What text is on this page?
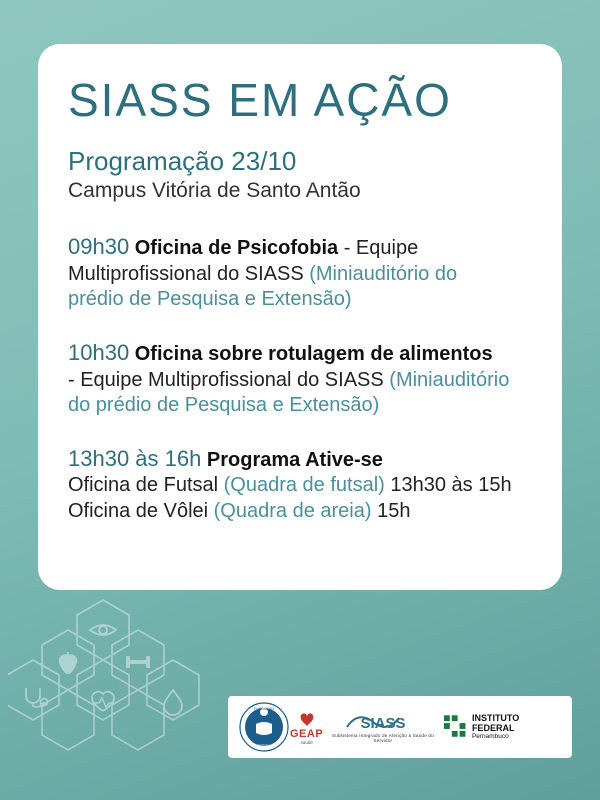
SIASS EM AÇÃO
Programação 23/10
Campus Vitória de Santo Antão
09h30 Oficina de Psicofobia - Equipe
Multiprofissional do SIASS (Miniauditório do
prédio de Pesquisa e Extensão)
10h30 Oficina sobre rotulagem de alimentos
- Equipe Multiprofissional do SIASS (Miniauditório
do prédio de Pesquisa e Extensão)
13h30 às 16h Programa Ative-se
Oficina de Futsal (Quadra de futsal) 13h30 às 15h
Oficina de Vôlei (Quadra de areia) 15h
FUNDAÇÃO
ASSEFAZ
GEAP
saúde
SIASS
Subsistema Integrado de Atenção à Saúde do Servidor
INSTITUTO FEDERAL
Pernambuco
